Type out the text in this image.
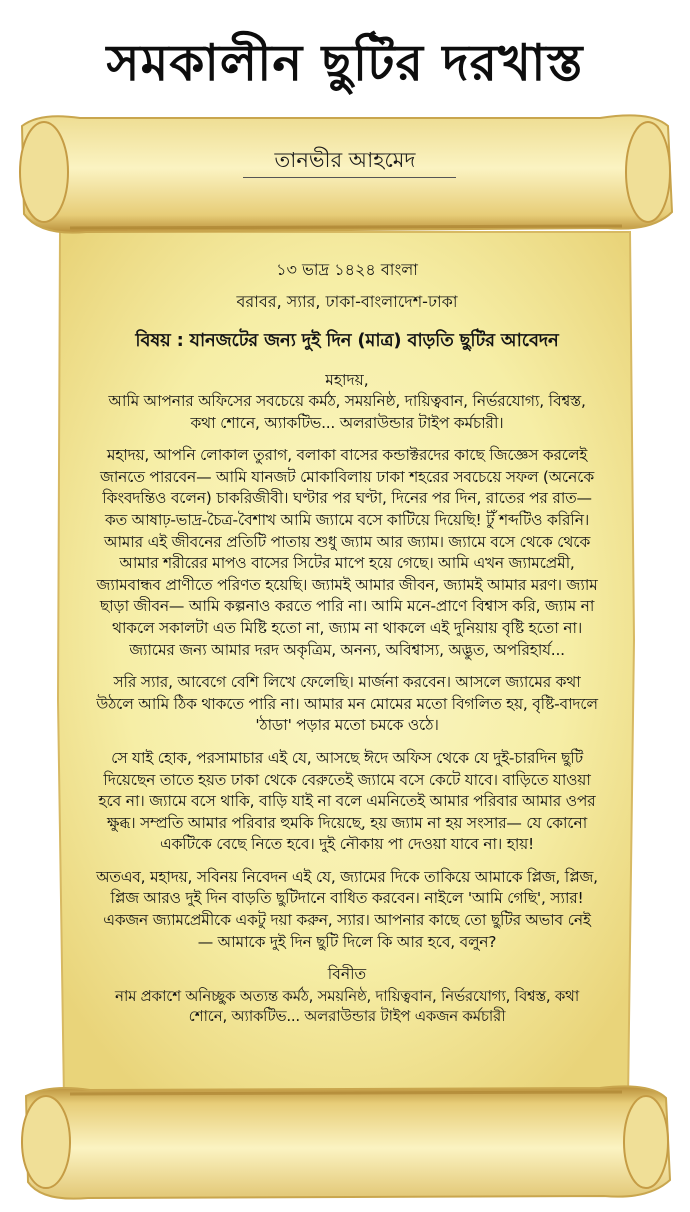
সমকালীন ছুটির দরখাস্ত
তানভীর আহমেদ

১৩ ভাদ্র ১৪২৪ বাংলা

বরাবর, স্যার, ঢাকা-বাংলাদেশ-ঢাকা

বিষয় : যানজটের জন্য দুই দিন (মাত্র) বাড়তি ছুটির আবেদন

মহাদয়,

আমি আপনার অফিসের সবচেয়ে কর্মঠ, সময়নিষ্ঠ, দায়িত্ববান, নির্ভরযোগ্য, বিশ্বস্ত, কথা শোনে, অ্যাকটিভ... অলরাউন্ডার টাইপ কর্মচারী।

মহাদয়, আপনি লোকাল তুরাগ, বলাকা বাসের কন্ডাক্টরদের কাছে জিজ্ঞেস করলেই জানতে পারবেন— আমি যানজট মোকাবিলায় ঢাকা শহরের সবচেয়ে সফল (অনেকে কিংবদন্তিও বলেন) চাকরিজীবী। ঘণ্টার পর ঘণ্টা, দিনের পর দিন, রাতের পর রাত— কত আষাঢ়-ভাদ্র-চৈত্র-বৈশাখ আমি জ্যামে বসে কাটিয়ে দিয়েছি! টুঁ শব্দটিও করিনি। আমার এই জীবনের প্রতিটি পাতায় শুধু জ্যাম আর জ্যাম। জ্যামে বসে থেকে থেকে আমার শরীরের মাপও বাসের সিটের মাপে হয়ে গেছে। আমি এখন জ্যামপ্রেমী, জ্যামবান্ধব প্রাণীতে পরিণত হয়েছি। জ্যামই আমার জীবন, জ্যামই আমার মরণ। জ্যাম ছাড়া জীবন— আমি কল্পনাও করতে পারি না। আমি মনে-প্রাণে বিশ্বাস করি, জ্যাম না থাকলে সকালটা এত মিষ্টি হতো না, জ্যাম না থাকলে এই দুনিয়ায় বৃষ্টি হতো না। জ্যামের জন্য আমার দরদ অকৃত্রিম, অনন্য, অবিশ্বাস্য, অদ্ভুত, অপরিহার্য...

সরি স্যার, আবেগে বেশি লিখে ফেলেছি। মার্জনা করবেন। আসলে জ্যামের কথা উঠলে আমি ঠিক থাকতে পারি না। আমার মন মোমের মতো বিগলিত হয়, বৃষ্টি-বাদলে 'ঠাডা' পড়ার মতো চমকে ওঠে।

সে যাই হোক, পরসামাচার এই যে, আসছে ঈদে অফিস থেকে যে দুই-চারদিন ছুটি দিয়েছেন তাতে হয়ত ঢাকা থেকে বেরুতেই জ্যামে বসে কেটে যাবে। বাড়িতে যাওয়া হবে না। জ্যামে বসে থাকি, বাড়ি যাই না বলে এমনিতেই আমার পরিবার আমার ওপর ক্ষুব্ধ। সম্প্রতি আমার পরিবার হুমকি দিয়েছে, হয় জ্যাম না হয় সংসার— যে কোনো একটিকে বেছে নিতে হবে। দুই নৌকায় পা দেওয়া যাবে না। হায়!

অতএব, মহাদয়, সবিনয় নিবেদন এই যে, জ্যামের দিকে তাকিয়ে আমাকে প্লিজ, প্লিজ, প্লিজ আরও দুই দিন বাড়তি ছুটিদানে বাধিত করবেন। নাইলে 'আমি গেছি', স্যার! একজন জ্যামপ্রেমীকে একটু দয়া করুন, স্যার। আপনার কাছে তো ছুটির অভাব নেই— আমাকে দুই দিন ছুটি দিলে কি আর হবে, বলুন?

বিনীত

নাম প্রকাশে অনিচ্ছুক অত্যন্ত কর্মঠ, সময়নিষ্ঠ, দায়িত্ববান, নির্ভরযোগ্য, বিশ্বস্ত, কথা শোনে, অ্যাকটিভ... অলরাউন্ডার টাইপ একজন কর্মচারী
